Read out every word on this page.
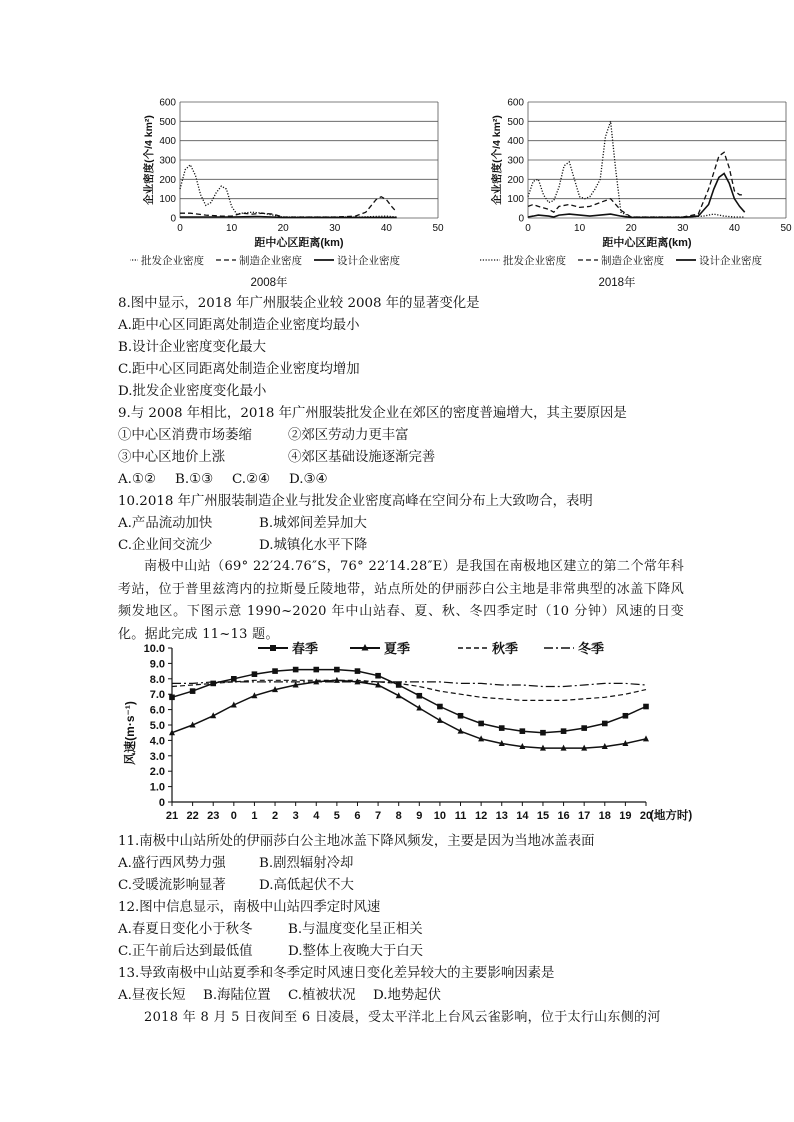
0
100
200
300
400
500
600
0	10	20	30	40	50
距中心区距离(km)
企业密度(个/4 km²)
批发企业密度	制造企业密度	设计企业密度
2008年
0
100
200
300
400
500
600
0	10	20	30	40	50
距中心区距离(km)
企业密度(个/4 km²)
批发企业密度	制造企业密度	设计企业密度
2018年
8.图中显示，2018 年广州服装企业较 2008 年的显著变化是
A.距中心区同距离处制造企业密度均最小
B.设计企业密度变化最大
C.距中心区同距离处制造企业密度均增加
D.批发企业密度变化最小
9.与 2008 年相比，2018 年广州服装批发企业在郊区的密度普遍增大，其主要原因是
①中心区消费市场萎缩	②郊区劳动力更丰富
③中心区地价上涨	④郊区基础设施逐渐完善
A.①② B.①③ C.②④ D.③④
10.2018 年广州服装制造企业与批发企业密度高峰在空间分布上大致吻合，表明
A.产品流动加快	B.城郊间差异加大
C.企业间交流少	D.城镇化水平下降
南极中山站（69° 22′24.76″S，76° 22′14.28″E）是我国在南极地区建立的第二个常年科考站，位于普里兹湾内的拉斯曼丘陵地带，站点所处的伊丽莎白公主地是非常典型的冰盖下降风频发地区。下图示意 1990~2020 年中山站春、夏、秋、冬四季定时（10 分钟）风速的日变化。据此完成 11~13 题。
0
1.0
2.0
3.0
4.0
5.0
6.0
7.0
8.0
9.0
10.0
21 22 23 0 1 2 3 4 5 6 7 8 9 10 11 12 13 14 15 16 17 18 19 20
(地方时)
风速(m·s⁻¹)
春季	夏季	秋季	冬季
11.南极中山站所处的伊丽莎白公主地冰盖下降风频发，主要是因为当地冰盖表面
A.盛行西风势力强 B.剧烈辐射冷却
C.受暖流影响显著 D.高低起伏不大
12.图中信息显示，南极中山站四季定时风速
A.春夏日变化小于秋冬	B.与温度变化呈正相关
C.正午前后达到最低值	D.整体上夜晚大于白天
13.导致南极中山站夏季和冬季定时风速日变化差异较大的主要影响因素是
A.昼夜长短 B.海陆位置 C.植被状况 D.地势起伏
2018 年 8 月 5 日夜间至 6 日凌晨，受太平洋北上台风云雀影响，位于太行山东侧的河
